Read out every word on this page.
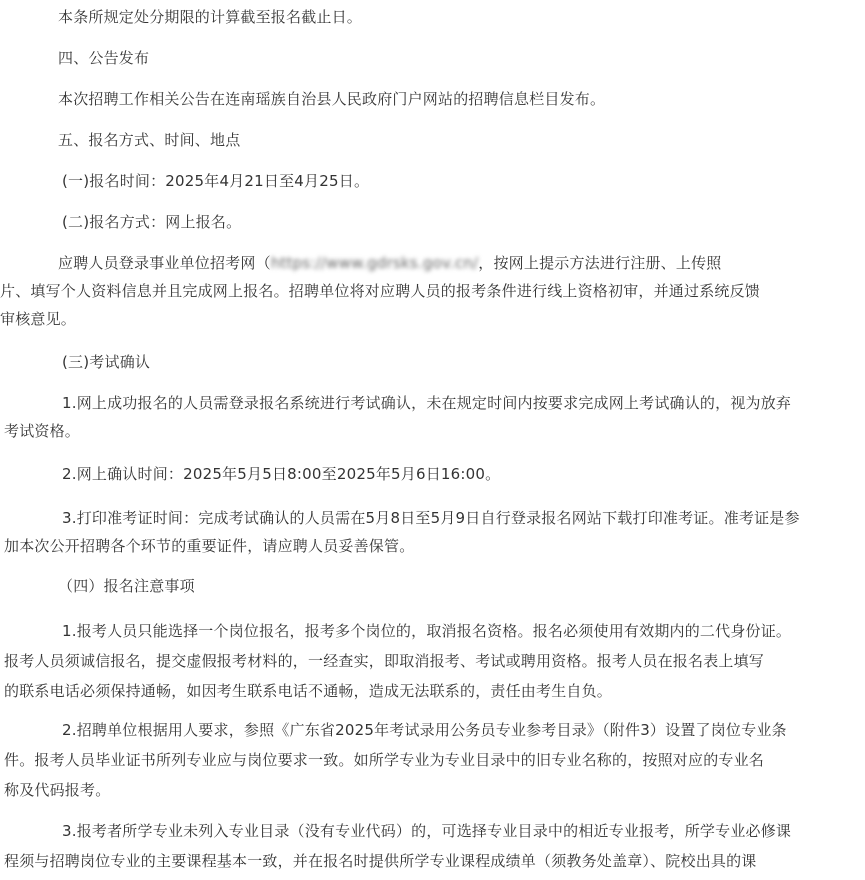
本条所规定处分期限的计算截至报名截止日。
四、公告发布
本次招聘工作相关公告在连南瑶族自治县人民政府门户网站的招聘信息栏目发布。
五、报名方式、时间、地点
(一)报名时间：2025年4月21日至4月25日。
(二)报名方式：网上报名。
应聘人员登录事业单位招考网（https://www.gdrsks.gov.cn/，按网上提示方法进行注册、上传照
片、填写个人资料信息并且完成网上报名。招聘单位将对应聘人员的报考条件进行线上资格初审，并通过系统反馈
审核意见。
(三)考试确认
1.网上成功报名的人员需登录报名系统进行考试确认，未在规定时间内按要求完成网上考试确认的，视为放弃
考试资格。
2.网上确认时间：2025年5月5日8:00至2025年5月6日16:00。
3.打印准考证时间：完成考试确认的人员需在5月8日至5月9日自行登录报名网站下载打印准考证。准考证是参
加本次公开招聘各个环节的重要证件，请应聘人员妥善保管。
（四）报名注意事项
1.报考人员只能选择一个岗位报名，报考多个岗位的，取消报名资格。报名必须使用有效期内的二代身份证。
报考人员须诚信报名，提交虚假报考材料的，一经查实，即取消报考、考试或聘用资格。报考人员在报名表上填写
的联系电话必须保持通畅，如因考生联系电话不通畅，造成无法联系的，责任由考生自负。
2.招聘单位根据用人要求，参照《广东省2025年考试录用公务员专业参考目录》（附件3）设置了岗位专业条
件。报考人员毕业证书所列专业应与岗位要求一致。如所学专业为专业目录中的旧专业名称的，按照对应的专业名
称及代码报考。
3.报考者所学专业未列入专业目录（没有专业代码）的，可选择专业目录中的相近专业报考，所学专业必修课
程须与招聘岗位专业的主要课程基本一致，并在报名时提供所学专业课程成绩单（须教务处盖章）、院校出具的课
